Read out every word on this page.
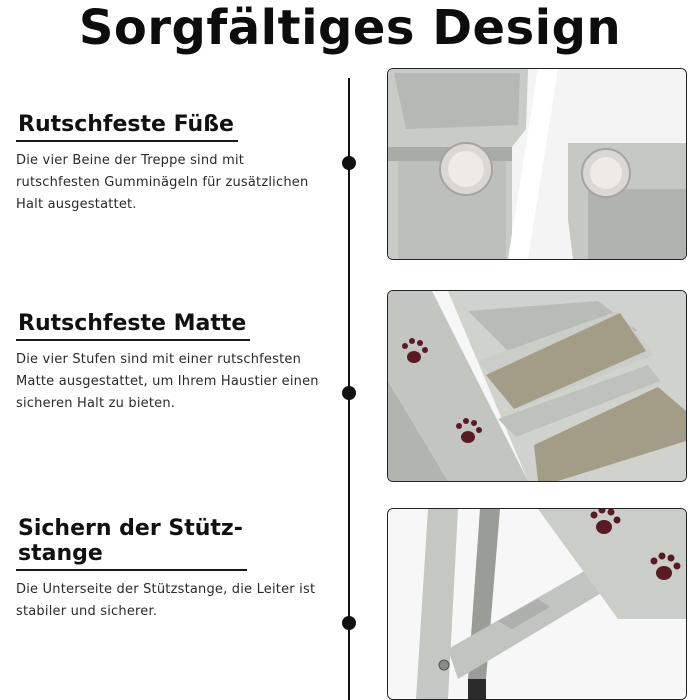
Sorgfältiges Design
Rutschfeste Füße

Die vier Beine der Treppe sind mit rutschfesten Gumminägeln für zusätzlichen Halt ausgestattet.

Rutschfeste Matte

Die vier Stufen sind mit einer rutschfesten Matte ausgestattet, um Ihrem Haustier einen sicheren Halt zu bieten.

Sichern der Stütz-
stange

Die Unterseite der Stützstange, die Leiter ist stabiler und sicherer.
